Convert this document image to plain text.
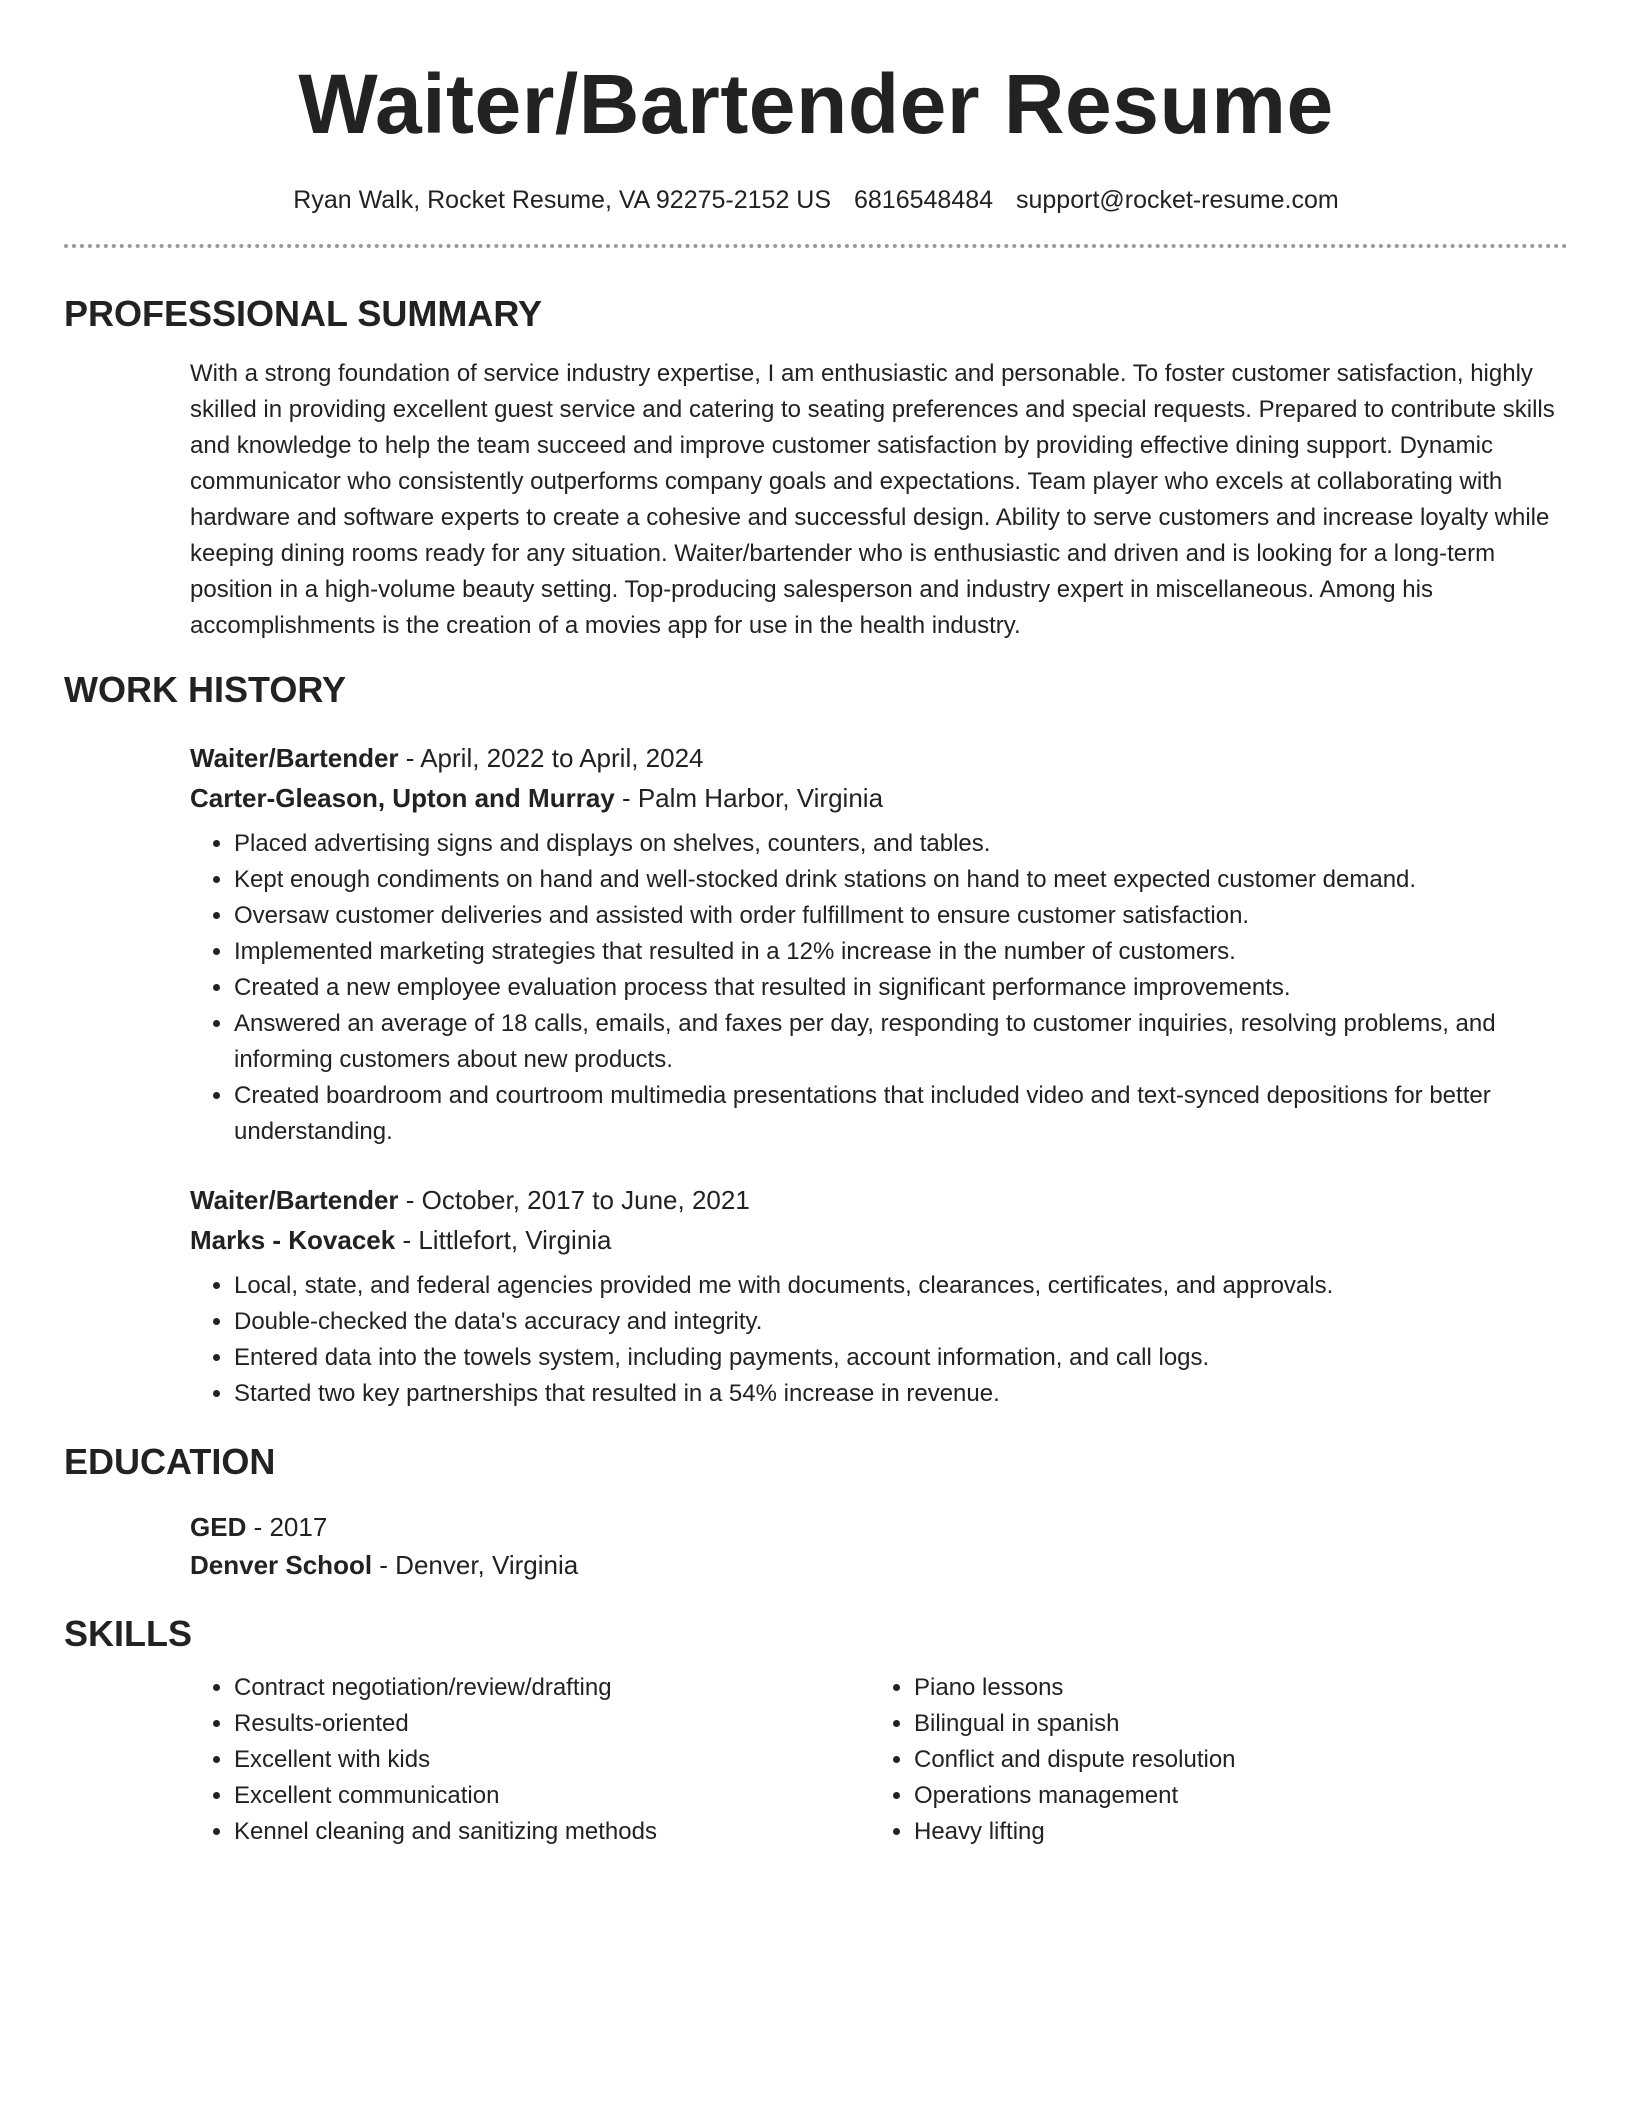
Waiter/Bartender Resume
Ryan Walk, Rocket Resume, VA 92275-2152 US 6816548484 support@rocket-resume.com
PROFESSIONAL SUMMARY
With a strong foundation of service industry expertise, I am enthusiastic and personable. To foster customer satisfaction, highly skilled in providing excellent guest service and catering to seating preferences and special requests. Prepared to contribute skills and knowledge to help the team succeed and improve customer satisfaction by providing effective dining support. Dynamic communicator who consistently outperforms company goals and expectations. Team player who excels at collaborating with hardware and software experts to create a cohesive and successful design. Ability to serve customers and increase loyalty while keeping dining rooms ready for any situation. Waiter/bartender who is enthusiastic and driven and is looking for a long-term position in a high-volume beauty setting. Top-producing salesperson and industry expert in miscellaneous. Among his accomplishments is the creation of a movies app for use in the health industry.
WORK HISTORY
Waiter/Bartender - April, 2022 to April, 2024
Carter-Gleason, Upton and Murray - Palm Harbor, Virginia
• Placed advertising signs and displays on shelves, counters, and tables.
• Kept enough condiments on hand and well-stocked drink stations on hand to meet expected customer demand.
• Oversaw customer deliveries and assisted with order fulfillment to ensure customer satisfaction.
• Implemented marketing strategies that resulted in a 12% increase in the number of customers.
• Created a new employee evaluation process that resulted in significant performance improvements.
• Answered an average of 18 calls, emails, and faxes per day, responding to customer inquiries, resolving problems, and informing customers about new products.
• Created boardroom and courtroom multimedia presentations that included video and text-synced depositions for better understanding.
Waiter/Bartender - October, 2017 to June, 2021
Marks - Kovacek - Littlefort, Virginia
• Local, state, and federal agencies provided me with documents, clearances, certificates, and approvals.
• Double-checked the data's accuracy and integrity.
• Entered data into the towels system, including payments, account information, and call logs.
• Started two key partnerships that resulted in a 54% increase in revenue.
EDUCATION
GED - 2017
Denver School - Denver, Virginia
SKILLS
• Contract negotiation/review/drafting
• Results-oriented
• Excellent with kids
• Excellent communication
• Kennel cleaning and sanitizing methods
• Piano lessons
• Bilingual in spanish
• Conflict and dispute resolution
• Operations management
• Heavy lifting
